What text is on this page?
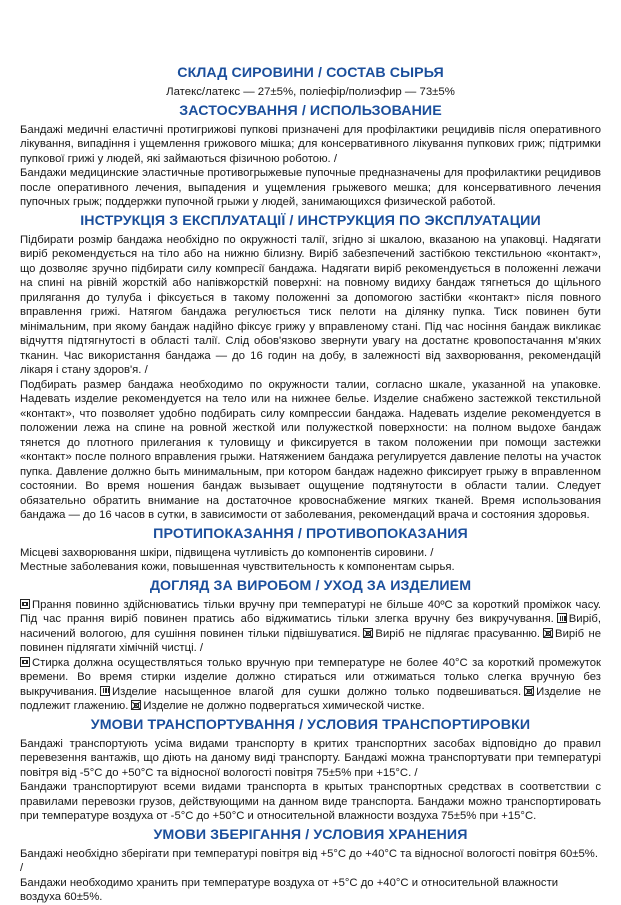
СКЛАД СИРОВИНИ / СОСТАВ СЫРЬЯ
Латекс/латекс — 27±5%, поліефір/полиэфир — 73±5%
ЗАСТОСУВАННЯ / ИСПОЛЬЗОВАНИЕ
Бандажі медичні еластичні протигрижові пупкові призначені для профілактики рецидивів після оперативного лікування, випадіння і ущемлення грижового мішка; для консервативного лікування пупкових гриж; підтримки пупкової грижі у людей, які займаються фізичною роботою. /
Бандажи медицинские эластичные противогрыжевые пупочные предназначены для профилактики рецидивов после оперативного лечения, выпадения и ущемления грыжевого мешка; для консервативного лечения пупочных грыж; поддержки пупочной грыжи у людей, занимающихся физической работой.
ІНСТРУКЦІЯ З ЕКСПЛУАТАЦІЇ / ИНСТРУКЦИЯ ПО ЭКСПЛУАТАЦИИ
Підбирати розмір бандажа необхідно по окружності талії, згідно зі шкалою, вказаною на упаковці. Надягати виріб рекомендується на тіло або на нижню білизну. Виріб забезпечений застібкою текстильною «контакт», що дозволяє зручно підбирати силу компресії бандажа. Надягати виріб рекомендується в положенні лежачи на спині на рівній жорсткій або напівжорсткій поверхні: на повному видиху бандаж тягнеться до щільного прилягання до тулуба і фіксується в такому положенні за допомогою застібки «контакт» після повного вправлення грижі. Натягом бандажа регулюється тиск пелоти на ділянку пупка. Тиск повинен бути мінімальним, при якому бандаж надійно фіксує грижу у вправленому стані. Під час носіння бандаж викликає відчуття підтягнутості в області талії. Слід обов'язково звернути увагу на достатнє кровопостачання м'яких тканин. Час використання бандажа — до 16 годин на добу, в залежності від захворювання, рекомендацій лікаря і стану здоров'я. /
Подбирать размер бандажа необходимо по окружности талии, согласно шкале, указанной на упаковке. Надевать изделие рекомендуется на тело или на нижнее белье. Изделие снабжено застежкой текстильной «контакт», что позволяет удобно подбирать силу компрессии бандажа. Надевать изделие рекомендуется в положении лежа на спине на ровной жесткой или полужесткой поверхности: на полном выдохе бандаж тянется до плотного прилегания к туловищу и фиксируется в таком положении при помощи застежки «контакт» после полного вправления грыжи. Натяжением бандажа регулируется давление пелоты на участок пупка. Давление должно быть минимальным, при котором бандаж надежно фиксирует грыжу в вправленном состоянии. Во время ношения бандаж вызывает ощущение подтянутости в области талии. Следует обязательно обратить внимание на достаточное кровоснабжение мягких тканей. Время использования бандажа — до 16 часов в сутки, в зависимости от заболевания, рекомендаций врача и состояния здоровья.
ПРОТИПОКАЗАННЯ / ПРОТИВОПОКАЗАНИЯ
Місцеві захворювання шкіри, підвищена чутливість до компонентів сировини. /
Местные заболевания кожи, повышенная чувствительность к компонентам сырья.
ДОГЛЯД ЗА ВИРОБОМ / УХОД ЗА ИЗДЕЛИЕМ
Прання повинно здійснюватись тільки вручну при температурі не більше 40ºС за короткий проміжок часу. Під час прання виріб повинен пратись або віджиматись тільки злегка вручну без викручування. Виріб, насичений вологою, для сушіння повинен тільки підвішуватися. Виріб не підлягає прасуванню. Виріб не повинен підлягати хімічній чистці. /
Стирка должна осуществляться только вручную при температуре не более 40°С за короткий промежуток времени. Во время стирки изделие должно стираться или отжиматься только слегка вручную без выкручивания. Изделие насыщенное влагой для сушки должно только подвешиваться. Изделие не подлежит глажению. Изделие не должно подвергаться химической чистке.
УМОВИ ТРАНСПОРТУВАННЯ / УСЛОВИЯ ТРАНСПОРТИРОВКИ
Бандажі транспортують усіма видами транспорту в критих транспортних засобах відповідно до правил перевезення вантажів, що діють на даному виді транспорту. Бандажі можна транспортувати при температурі повітря від -5°С до +50°С та відносної вологості повітря 75±5% при +15°С. /
Бандажи транспортируют всеми видами транспорта в крытых транспортных средствах в соответствии с правилами перевозки грузов, действующими на данном виде транспорта. Бандажи можно транспортировать при температуре воздуха от -5°С до +50°С и относительной влажности воздуха 75±5% при +15°С.
УМОВИ ЗБЕРІГАННЯ / УСЛОВИЯ ХРАНЕНИЯ
Бандажі необхідно зберігати при температурі повітря від +5°С до +40°С та відносної вологості повітря 60±5%. /
Бандажи необходимо хранить при температуре воздуха от +5°С до +40°С и относительной влажности воздуха 60±5%.
